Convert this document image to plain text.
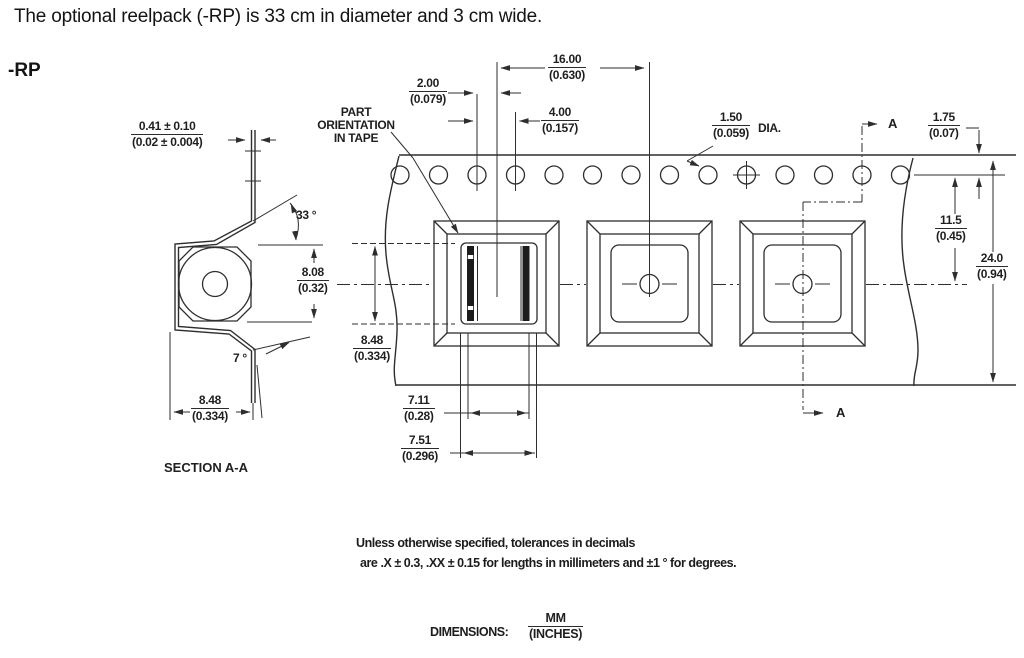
The optional reelpack (-RP) is 33 cm in diameter and 3 cm wide.
-RP
PART
ORIENTATION
IN TAPE
$\frac{16.00}{(0.630)}$
$\frac{2.00}{(0.079)}$
$\frac{4.00}{(0.157)}$	$\frac{1.50}{(0.059)}$ DIA.	$\frac{1.75}{(0.07)}$
$\frac{0.41 \pm 0.10}{(0.02 \pm 0.004)}$
33 °
$\frac{8.08}{(0.32)}$
$\frac{8.48}{(0.334)}$
7 °
$\frac{11.5}{(0.45)}$
$\frac{24.0}{(0.94)}$
$\frac{8.48}{(0.334)}$	$\frac{7.11}{(0.28)}$
$\frac{7.51}{(0.296)}$
A
A
SECTION A-A
Unless otherwise specified, tolerances in decimals
are .X ± 0.3, .XX ± 0.15 for lengths in millimeters and ±1 ° for degrees.
DIMENSIONS:
MM
(INCHES)
